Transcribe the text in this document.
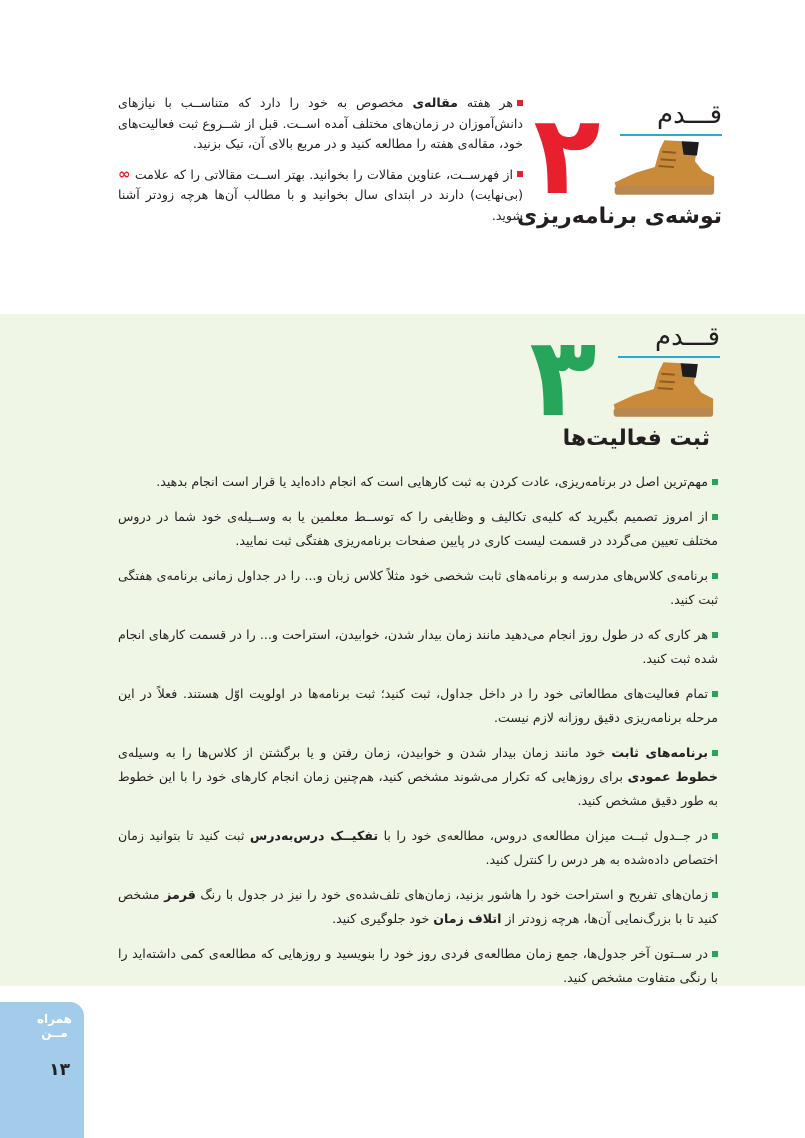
هر هفته مقاله‌ی مخصوص به خود را دارد که متناســب با نیازهای دانش‌آموزان در زمان‌های مختلف آمده اســت. قبل از شــروع ثبت فعالیت‌های خود، مقاله‌ی هفته را مطالعه کنید و در مربع بالای آن، تیک بزنید.

از فهرســت، عناوین مقالات را بخوانید. بهتر اســت مقالاتی را که علامت ∞ (بی‌نهایت) دارند در ابتدای سال بخوانید و با مطالب آن‌ها هرچه زودتر آشنا شوید. ۲ قـــدم
توشه‌ی برنامه‌ریزی
۳ قـــدم
ثبت فعالیت‌ها

مهم‌ترین اصل در برنامه‌ریزی، عادت کردن به ثبت کارهایی است که انجام داده‌اید یا قرار است انجام بدهید.

از امروز تصمیم بگیرید که کلیه‌ی تکالیف و وظایفی را که توســط معلمین یا به وســیله‌ی خود شما در دروس مختلف تعیین می‌گردد در قسمت لیست کاری در پایین صفحات برنامه‌ریزی هفتگی ثبت نمایید.

برنامه‌ی کلاس‌های مدرسه و برنامه‌های ثابت شخصی خود مثلاً کلاس زبان و... را در جداول زمانی برنامه‌ی هفتگی ثبت کنید.

هر کاری که در طول روز انجام می‌دهید مانند زمان بیدار شدن، خوابیدن، استراحت و... را در قسمت کارهای انجام شده ثبت کنید.

تمام فعالیت‌های مطالعاتی خود را در داخل جداول، ثبت کنید؛ ثبت برنامه‌ها در اولویت اوّل هستند. فعلاً در این مرحله برنامه‌ریزی دقیق روزانه لازم نیست.

برنامه‌های ثابت خود مانند زمان بیدار شدن و خوابیدن، زمان رفتن و یا برگشتن از کلاس‌ها را به وسیله‌ی خطوط عمودی برای روزهایی که تکرار می‌شوند مشخص کنید، هم‌چنین زمان انجام کارهای خود را با این خطوط به طور دقیق مشخص کنید.

در جــدول ثبــت میزان مطالعه‌ی دروس، مطالعه‌ی خود را با تفکیــک درس‌به‌درس ثبت کنید تا بتوانید زمان اختصاص داده‌شده به هر درس را کنترل کنید.

زمان‌های تفریح و استراحت خود را هاشور بزنید، زمان‌های تلف‌شده‌ی خود را نیز در جدول با رنگ قرمز مشخص کنید تا با بزرگ‌نمایی آن‌ها، هرچه زودتر از اتلاف زمان خود جلوگیری کنید.

در ســتون آخر جدول‌ها، جمع زمان مطالعه‌ی فردی روز خود را بنویسید و روزهایی که مطالعه‌ی کمی داشته‌اید را با رنگی متفاوت مشخص کنید.

همراه
مــن
۱۳
